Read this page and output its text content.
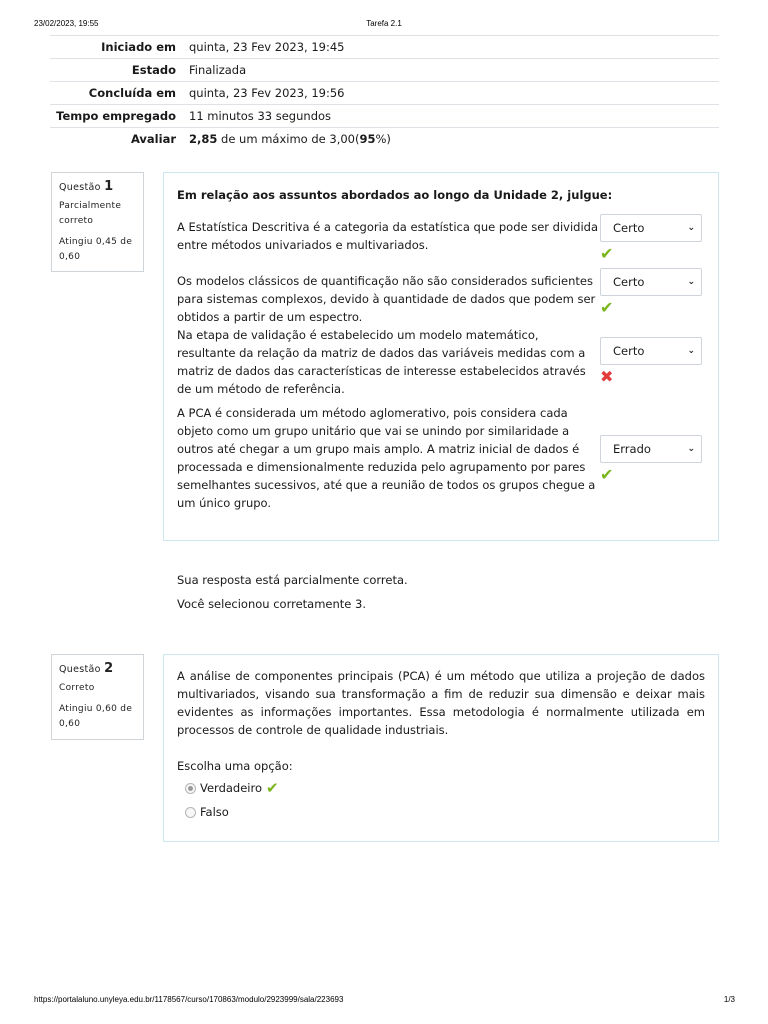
23/02/2023, 19:55	Tarefa 2.1
Iniciado em	quinta, 23 Fev 2023, 19:45
Estado	Finalizada
Concluída em	quinta, 23 Fev 2023, 19:56
Tempo empregado	11 minutos 33 segundos
Avaliar	2,85 de um máximo de 3,00(95%)
Questão 1
Parcialmente correto
Atingiu 0,45 de 0,60
Em relação aos assuntos abordados ao longo da Unidade 2, julgue:
A Estatística Descritiva é a categoria da estatística que pode ser dividida entre métodos univariados e multivariados.
Certo	⌄
✔
Os modelos clássicos de quantificação não são considerados suficientes para sistemas complexos, devido à quantidade de dados que podem ser obtidos a partir de um espectro.
Certo	⌄
✔
Na etapa de validação é estabelecido um modelo matemático, resultante da relação da matriz de dados das variáveis medidas com a matriz de dados das características de interesse estabelecidos através de um método de referência.
Certo	⌄
✖
A PCA é considerada um método aglomerativo, pois considera cada objeto como um grupo unitário que vai se unindo por similaridade a outros até chegar a um grupo mais amplo. A matriz inicial de dados é processada e dimensionalmente reduzida pelo agrupamento por pares semelhantes sucessivos, até que a reunião de todos os grupos chegue a um único grupo.
Errado	⌄
✔
Sua resposta está parcialmente correta.
Você selecionou corretamente 3.
Questão 2
Correto
Atingiu 0,60 de 0,60
A análise de componentes principais (PCA) é um método que utiliza a projeção de dados multivariados, visando sua transformação a fim de reduzir sua dimensão e deixar mais evidentes as informações importantes. Essa metodologia é normalmente utilizada em processos de controle de qualidade industriais.
Escolha uma opção:
Verdadeiro ✔
Falso
https://portalaluno.unyleya.edu.br/1178567/curso/170863/modulo/2923999/sala/223693	1/3
